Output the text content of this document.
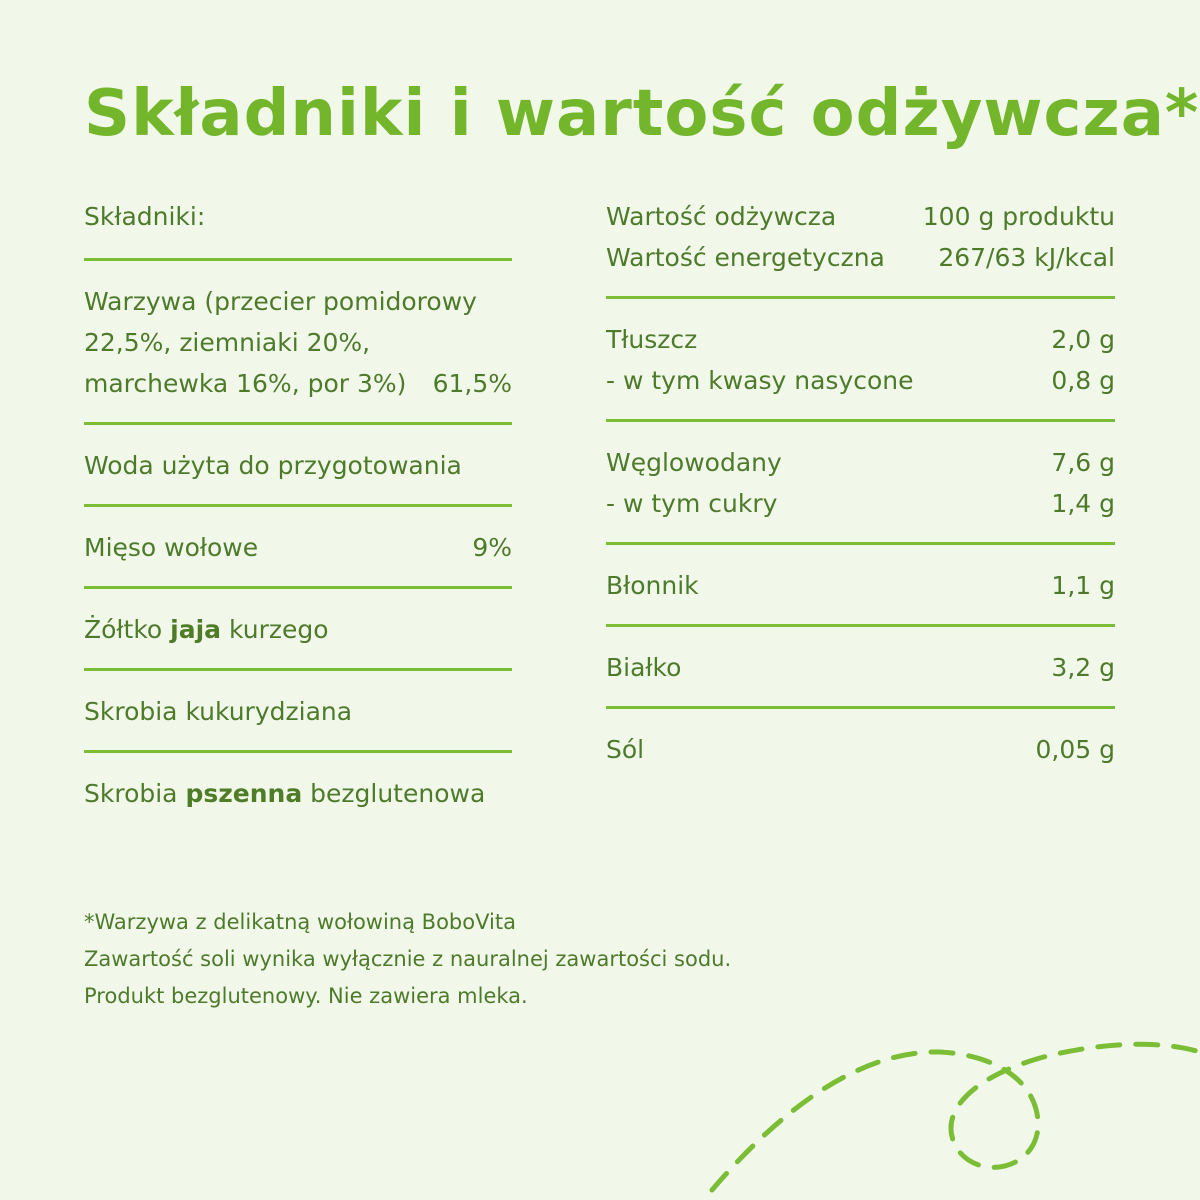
Składniki i wartość odżywcza*
Składniki:
Warzywa (przecier pomidorowy
22,5%, ziemniaki 20%,
marchewka 16%, por 3%) 61,5%
Woda użyta do przygotowania
Mięso wołowe	9%
Żółtko jaja kurzego
Skrobia kukurydziana
Skrobia pszenna bezglutenowa
Wartość odżywcza	100 g produktu
Wartość energetyczna 267/63 kJ/kcal
Tłuszcz	2,0 g
- w tym kwasy nasycone	0,8 g
Węglowodany	7,6 g
- w tym cukry	1,4 g
Błonnik	1,1 g
Białko	3,2 g
Sól	0,05 g
*Warzywa z delikatną wołowiną BoboVita
Zawartość soli wynika wyłącznie z nauralnej zawartości sodu.
Produkt bezglutenowy. Nie zawiera mleka.
